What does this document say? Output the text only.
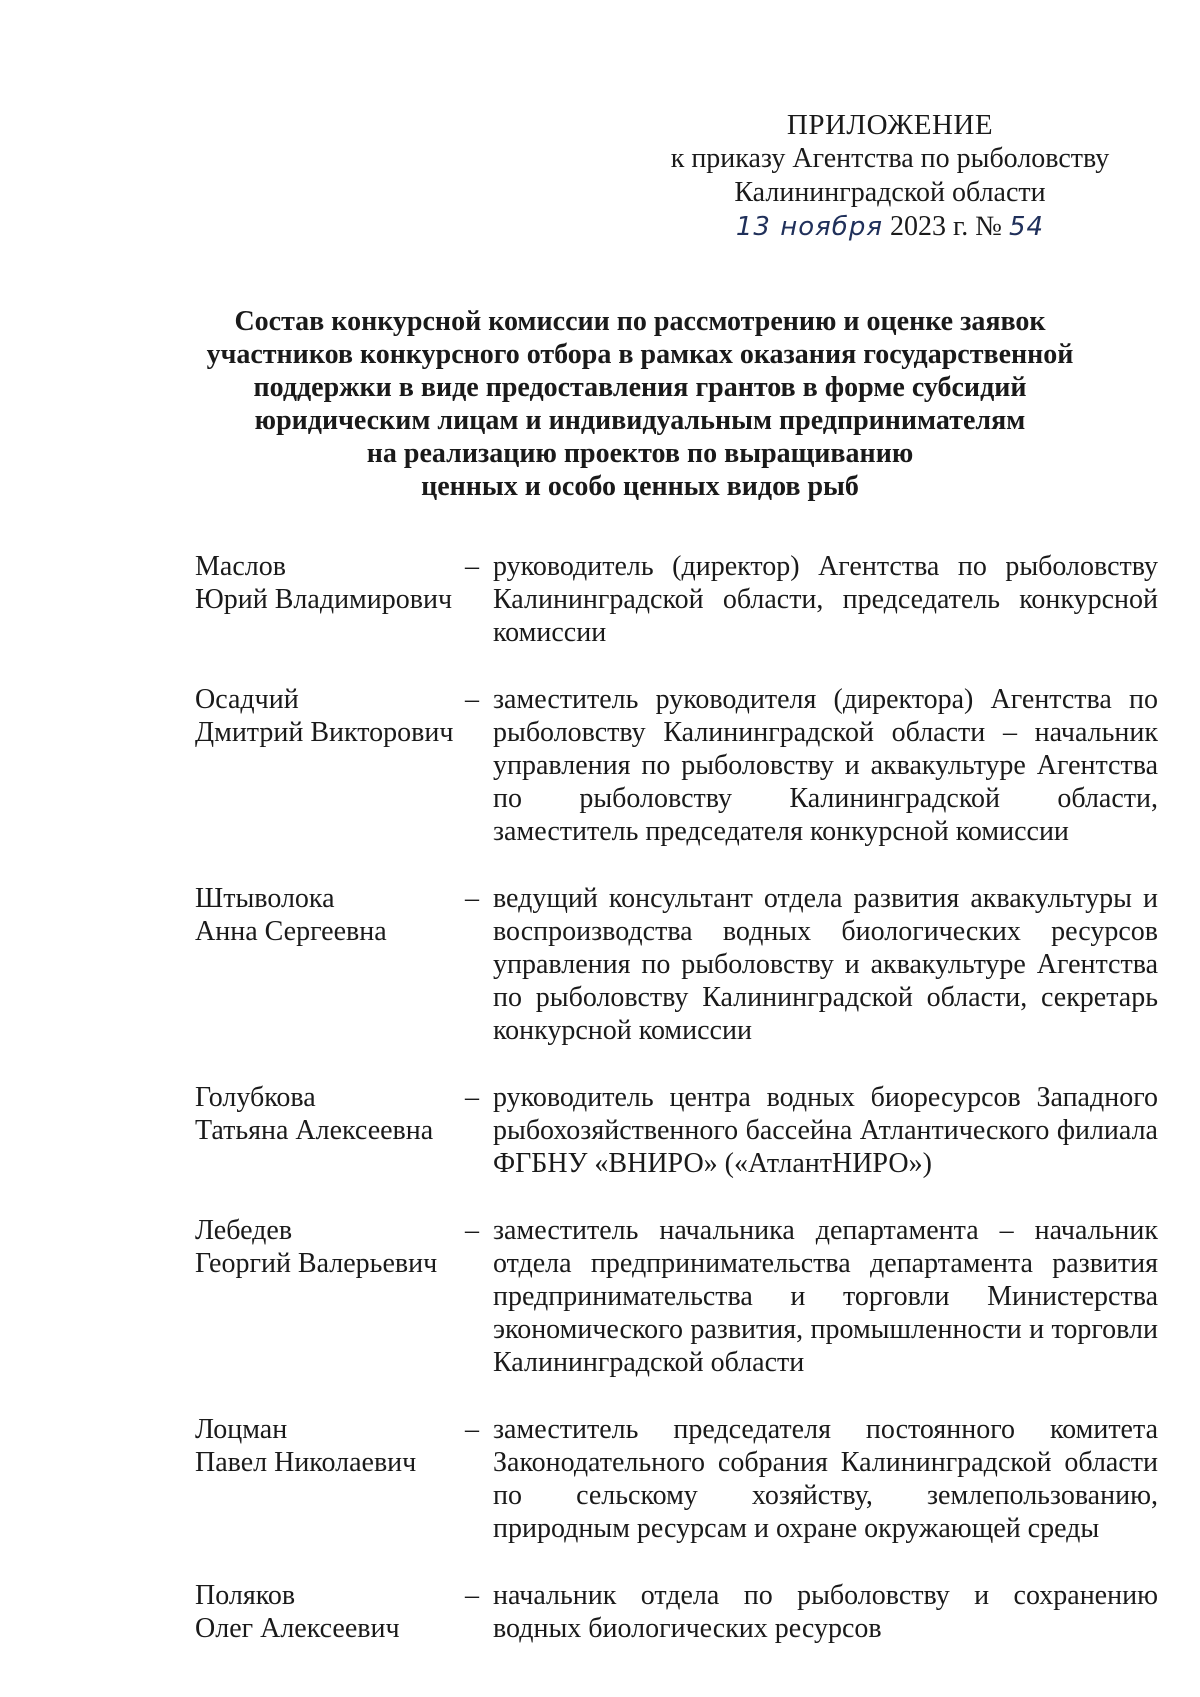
ПРИЛОЖЕНИЕ
к приказу Агентства по рыболовству
Калининградской области
13 ноября 2023 г. № 54
Состав конкурсной комиссии по рассмотрению и оценке заявок
участников конкурсного отбора в рамках оказания государственной
поддержки в виде предоставления грантов в форме субсидий
юридическим лицам и индивидуальным предпринимателям
на реализацию проектов по выращиванию
ценных и особо ценных видов рыб
Маслов
Юрий Владимирович
– руководитель (директор) Агентства по рыболовству Калининградской области, председатель конкурсной комиссии
Осадчий
Дмитрий Викторович
– заместитель руководителя (директора) Агентства по рыболовству Калининградской области – начальник управления по рыболовству и аквакультуре Агентства по рыболовству Калининградской области, заместитель председателя конкурсной комиссии
Штыволока
Анна Сергеевна
– ведущий консультант отдела развития аквакультуры и воспроизводства водных биологических ресурсов управления по рыболовству и аквакультуре Агентства по рыболовству Калининградской области, секретарь конкурсной комиссии
Голубкова
Татьяна Алексеевна
– руководитель центра водных биоресурсов Западного рыбохозяйственного бассейна Атлантического филиала ФГБНУ «ВНИРО» («АтлантНИРО»)
Лебедев
Георгий Валерьевич
– заместитель начальника департамента – начальник отдела предпринимательства департамента развития предпринимательства и торговли Министерства экономического развития, промышленности и торговли Калининградской области
Лоцман
Павел Николаевич
– заместитель председателя постоянного комитета Законодательного собрания Калининградской области по сельскому хозяйству, землепользованию, природным ресурсам и охране окружающей среды
Поляков
Олег Алексеевич
– начальник отдела по рыболовству и сохранению водных биологических ресурсов
